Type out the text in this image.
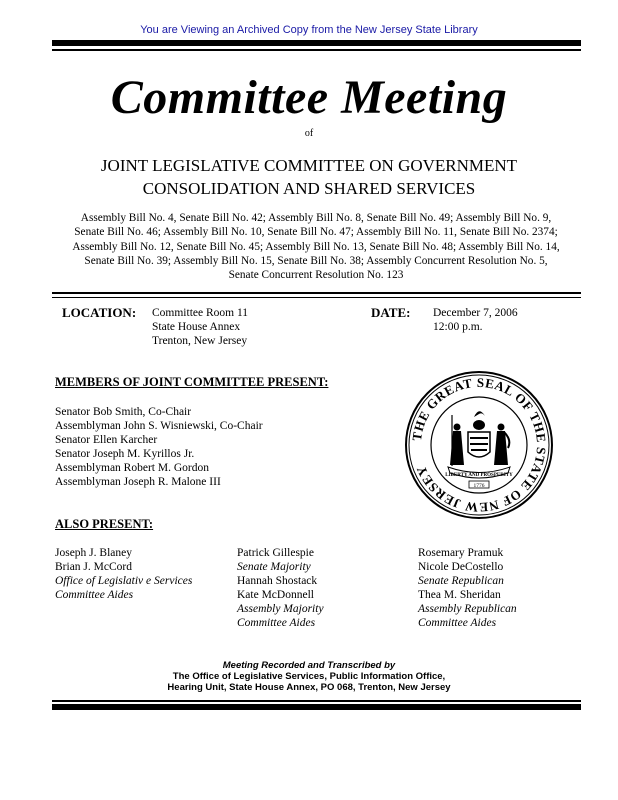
You are Viewing an Archived Copy from the New Jersey State Library
Committee Meeting
of
JOINT LEGISLATIVE COMMITTEE ON GOVERNMENT
CONSOLIDATION AND SHARED SERVICES
Assembly Bill No. 4, Senate Bill No. 42; Assembly Bill No. 8, Senate Bill No. 49; Assembly Bill No. 9,
Senate Bill No. 46; Assembly Bill No. 10, Senate Bill No. 47; Assembly Bill No. 11, Senate Bill No. 2374;
Assembly Bill No. 12, Senate Bill No. 45; Assembly Bill No. 13, Senate Bill No. 48; Assembly Bill No. 14,
Senate Bill No. 39; Assembly Bill No. 15, Senate Bill No. 38; Assembly Concurrent Resolution No. 5,
Senate Concurrent Resolution No. 123
LOCATION: Committee Room 11
State House Annex
Trenton, New Jersey
DATE: December 7, 2006
12:00 p.m.
MEMBERS OF JOINT COMMITTEE PRESENT:
Senator Bob Smith, Co-Chair
Assemblyman John S. Wisniewski, Co-Chair
Senator Ellen Karcher
Senator Joseph M. Kyrillos Jr.
Assemblyman Robert M. Gordon
Assemblyman Joseph R. Malone III
THE GREAT SEAL OF THE STATE OF NEW JERSEY	LIBERTY AND PROSPERITY
1776
ALSO PRESENT:
Joseph J. Blaney
Brian J. McCord
Office of Legislativ e Services
Committee Aides
Patrick Gillespie
Senate Majority
Hannah Shostack
Kate McDonnell
Assembly Majority
Committee Aides
Rosemary Pramuk
Nicole DeCostello
Senate Republican
Thea M. Sheridan
Assembly Republican
Committee Aides
Meeting Recorded and Transcribed by
The Office of Legislative Services, Public Information Office,
Hearing Unit, State House Annex, PO 068, Trenton, New Jersey
